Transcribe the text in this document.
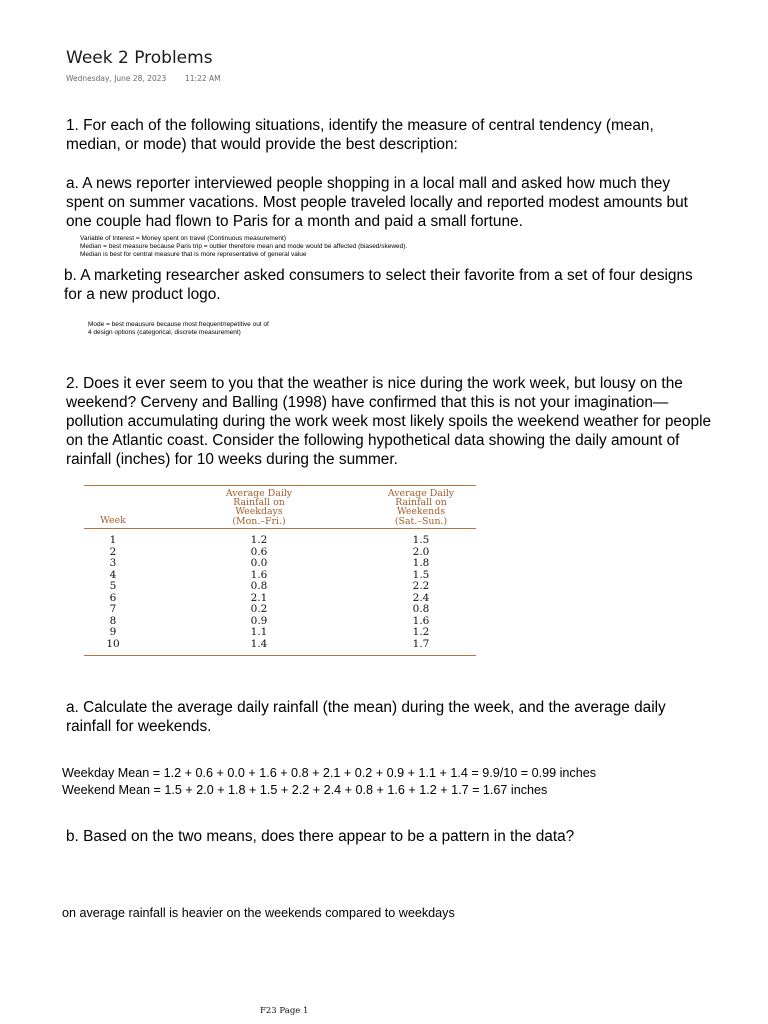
Week 2 Problems
Wednesday, June 28, 2023 11:22 AM
1. For each of the following situations, identify the measure of central tendency (mean,
median, or mode) that would provide the best description:
a. A news reporter interviewed people shopping in a local mall and asked how much they
spent on summer vacations. Most people traveled locally and reported modest amounts but
one couple had flown to Paris for a month and paid a small fortune.
Variable of Interest = Money spent on travel (Continuous measurement)
Median = best measure because Paris trip = outlier therefore mean and mode would be affected (biased/skewed).
Median is best for central measure that is more representative of general value
b. A marketing researcher asked consumers to select their favorite from a set of four designs
for a new product logo.
Mode = best meausure because most frequent/repetitive out of
4 design options (categorical, discrete measurement)
2. Does it ever seem to you that the weather is nice during the work week, but lousy on the
weekend? Cerveny and Balling (1998) have confirmed that this is not your imagination—
pollution accumulating during the work week most likely spoils the weekend weather for people
on the Atlantic coast. Consider the following hypothetical data showing the daily amount of
rainfall (inches) for 10 weeks during the summer.
Week
Average Daily
Rainfall on
Weekdays
(Mon.–Fri.)
Average Daily
Rainfall on
Weekends
(Sat.–Sun.)
1	1.2	1.5
2	0.6	2.0
3	0.0	1.8
4	1.6	1.5
5	0.8	2.2
6	2.1	2.4
7	0.2	0.8
8	0.9	1.6
9	1.1	1.2
10	1.4	1.7
a. Calculate the average daily rainfall (the mean) during the week, and the average daily
rainfall for weekends.
Weekday Mean = 1.2 + 0.6 + 0.0 + 1.6 + 0.8 + 2.1 + 0.2 + 0.9 + 1.1 + 1.4 = 9.9/10 = 0.99 inches
Weekend Mean = 1.5 + 2.0 + 1.8 + 1.5 + 2.2 + 2.4 + 0.8 + 1.6 + 1.2 + 1.7 = 1.67 inches
b. Based on the two means, does there appear to be a pattern in the data?
on average rainfall is heavier on the weekends compared to weekdays
F23 Page 1
